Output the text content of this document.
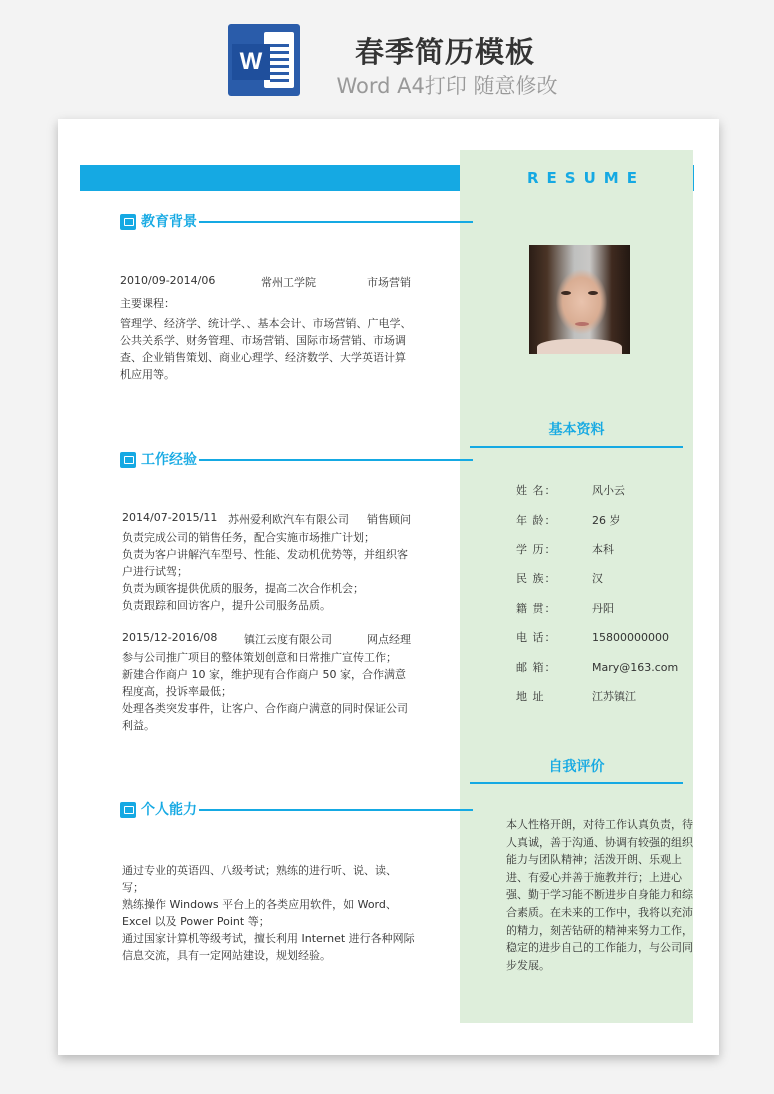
W	春季简历模板
Word A4打印 随意修改
RESUME
教育背景
2010/09-2014/06	常州工学院	市场营销
主要课程：
管理学、经济学、统计学、、基本会计、市场营销、广电学、公共关系学、财务管理、市场营销、国际市场营销、市场调查、企业销售策划、商业心理学、经济数学、大学英语计算机应用等。
工作经验
2014/07-2015/11 苏州爱利欧汽车有限公司 销售顾问
负责完成公司的销售任务，配合实施市场推广计划；
负责为客户讲解汽车型号、性能、发动机优势等，并组织客户进行试驾；
负责为顾客提供优质的服务，提高二次合作机会；
负责跟踪和回访客户，提升公司服务品质。
2015/12-2016/08 镇江云度有限公司	网点经理
参与公司推广项目的整体策划创意和日常推广宣传工作；
新建合作商户 10 家，维护现有合作商户 50 家，合作满意程度高，投诉率最低；
处理各类突发事件，让客户、合作商户满意的同时保证公司利益。
个人能力
通过专业的英语四、八级考试；熟练的进行听、说、读、写；
熟练操作 Windows 平台上的各类应用软件，如 Word、Excel 以及 Power Point 等；
通过国家计算机等级考试，擅长利用 Internet 进行各种网际信息交流，具有一定网站建设，规划经验。
基本资料
姓 名：	风小云
年 龄：	26 岁
学 历：	本科
民 族：	汉
籍 贯：	丹阳
电 话：	15800000000
邮 箱：	Mary@163.com
地 址	江苏镇江
自我评价
本人性格开朗，对待工作认真负责，待人真诚，善于沟通、协调有较强的组织能力与团队精神；活泼开朗、乐观上进、有爱心并善于施教并行；上进心强、勤于学习能不断进步自身能力和综合素质。在未来的工作中，我将以充沛的精力，刻苦钻研的精神来努力工作，稳定的进步自己的工作能力，与公司同步发展。
